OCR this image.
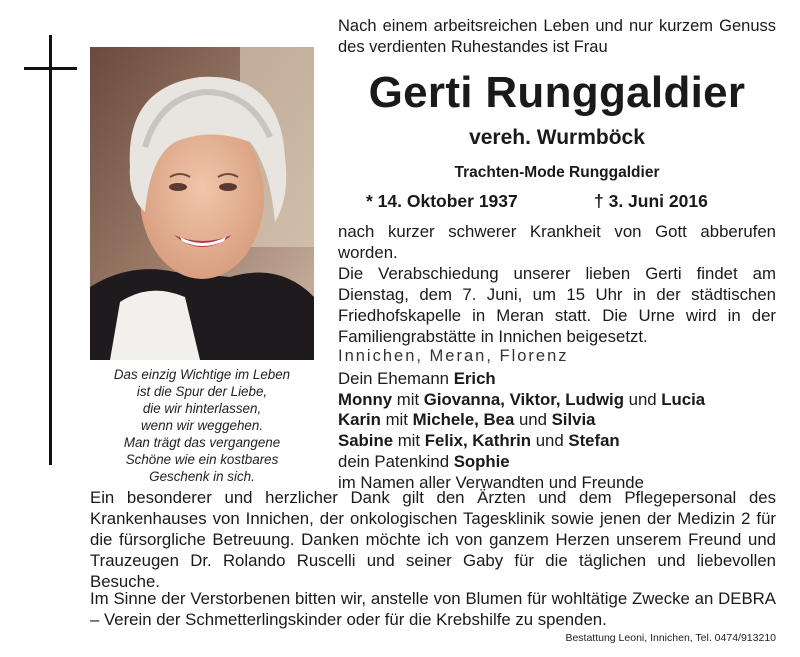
Das einzig Wichtige im Leben
ist die Spur der Liebe,
die wir hinterlassen,
wenn wir weggehen.
Man trägt das vergangene
Schöne wie ein kostbares
Geschenk in sich.
Nach einem arbeitsreichen Leben und nur kurzem Genuss des verdienten Ruhestandes ist Frau
Gerti Runggaldier
vereh. Wurmböck
Trachten-Mode Runggaldier
* 14. Oktober 1937	† 3. Juni 2016
nach kurzer schwerer Krankheit von Gott abberufen worden.
Die Verabschiedung unserer lieben Gerti findet am Dienstag, dem 7. Juni, um 15 Uhr in der städtischen Friedhofskapelle in Meran statt. Die Urne wird in der Familiengrabstätte in Innichen beigesetzt.
Innichen, Meran, Florenz
Dein Ehemann Erich
Monny mit Giovanna, Viktor, Ludwig und Lucia
Karin mit Michele, Bea und Silvia
Sabine mit Felix, Kathrin und Stefan
dein Patenkind Sophie
im Namen aller Verwandten und Freunde
Ein besonderer und herzlicher Dank gilt den Ärzten und dem Pflegepersonal des Krankenhauses von Innichen, der onkologischen Tagesklinik sowie jenen der Medizin 2 für die fürsorgliche Betreuung. Danken möchte ich von ganzem Herzen unserem Freund und Trauzeugen Dr. Rolando Ruscelli und seiner Gaby für die täglichen und liebevollen Besuche.
Im Sinne der Verstorbenen bitten wir, anstelle von Blumen für wohltätige Zwecke an DEBRA – Verein der Schmetterlingskinder oder für die Krebshilfe zu spenden.
Bestattung Leoni, Innichen, Tel. 0474/913210
